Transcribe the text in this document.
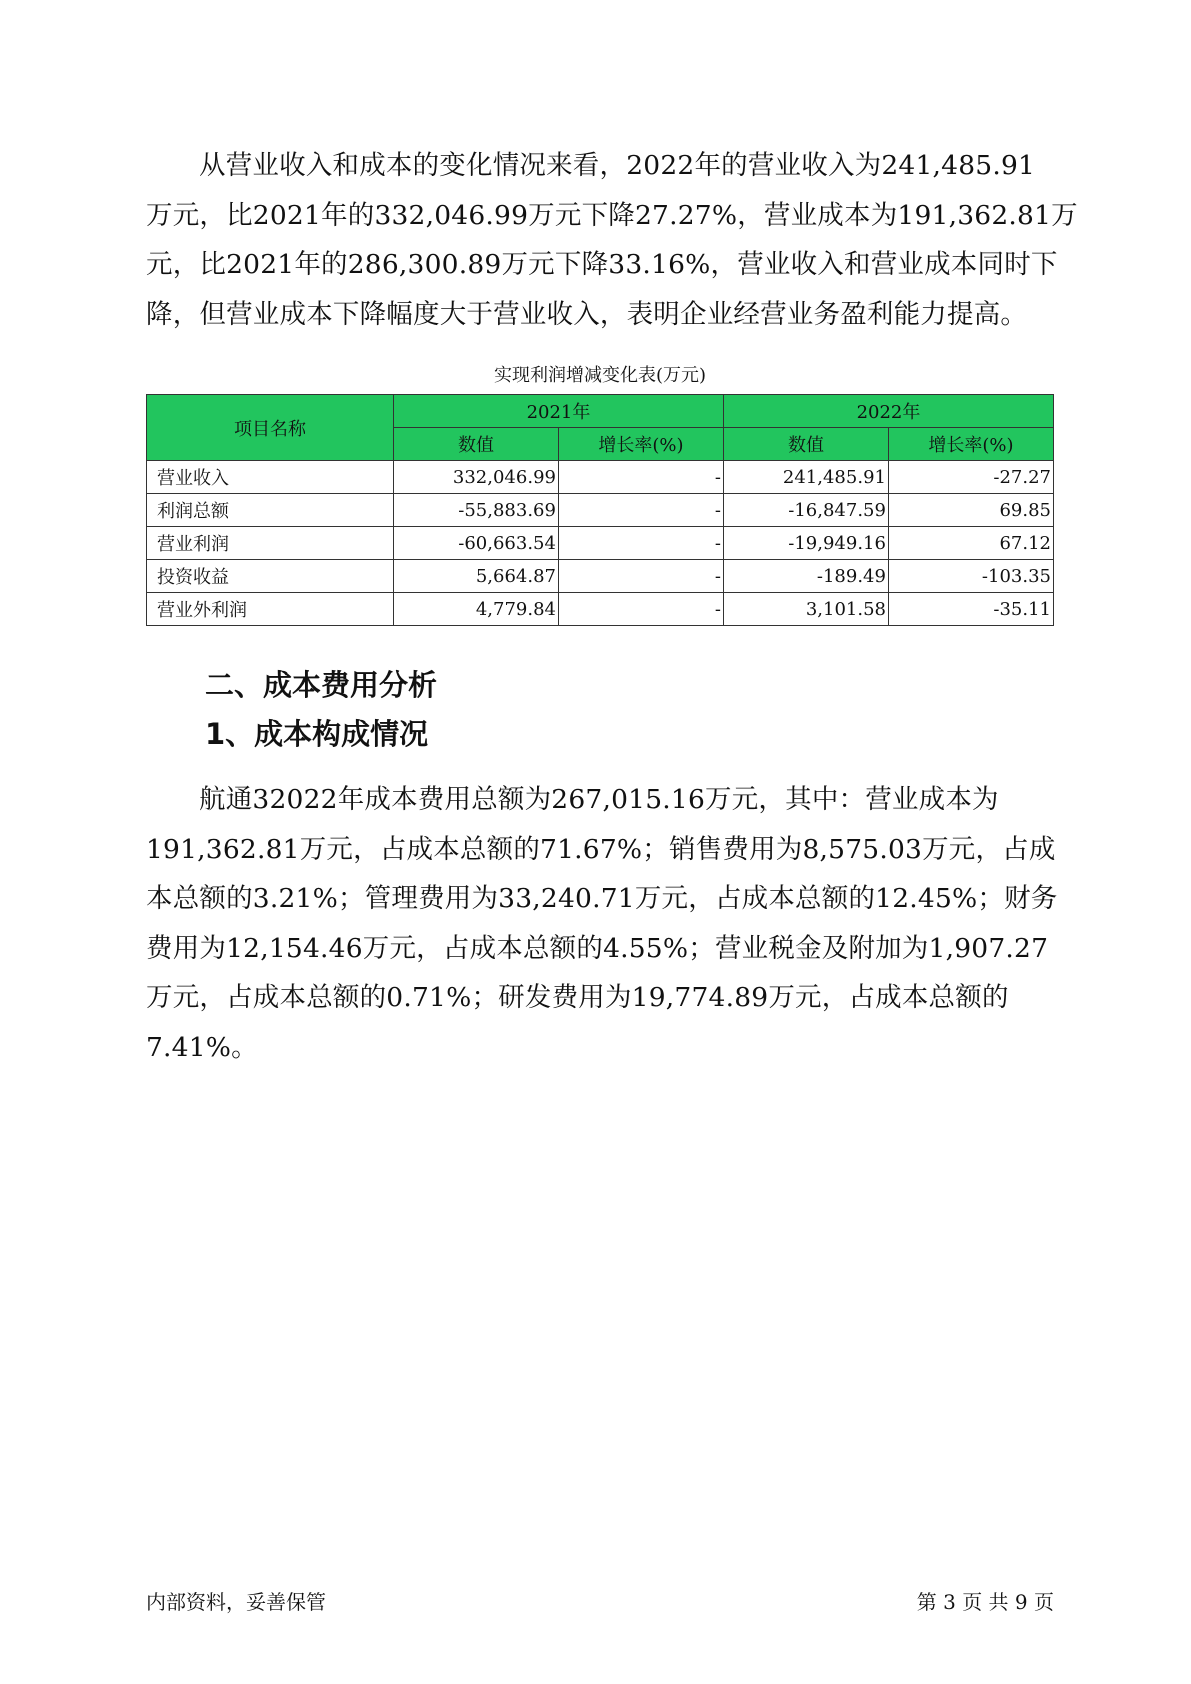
从营业收入和成本的变化情况来看，2022年的营业收入为241,485.91
万元，比2021年的332,046.99万元下降27.27%，营业成本为191,362.81万
元，比2021年的286,300.89万元下降33.16%，营业收入和营业成本同时下
降，但营业成本下降幅度大于营业收入，表明企业经营业务盈利能力提高。
实现利润增减变化表(万元)
项目名称	2021年		2022年	
	数值	增长率(%)	数值	增长率(%)
营业收入	332,046.99	-	241,485.91	-27.27
利润总额	-55,883.69	-	-16,847.59	69.85
营业利润	-60,663.54	-	-19,949.16	67.12
投资收益	5,664.87	-	-189.49	-103.35
营业外利润	4,779.84	-	3,101.58	-35.11
二、成本费用分析
1、成本构成情况
航通32022年成本费用总额为267,015.16万元，其中：营业成本为
191,362.81万元，占成本总额的71.67%；销售费用为8,575.03万元，占成
本总额的3.21%；管理费用为33,240.71万元，占成本总额的12.45%；财务
费用为12,154.46万元，占成本总额的4.55%；营业税金及附加为1,907.27
万元，占成本总额的0.71%；研发费用为19,774.89万元，占成本总额的
7.41%。
内部资料，妥善保管	第 3 页 共 9 页
